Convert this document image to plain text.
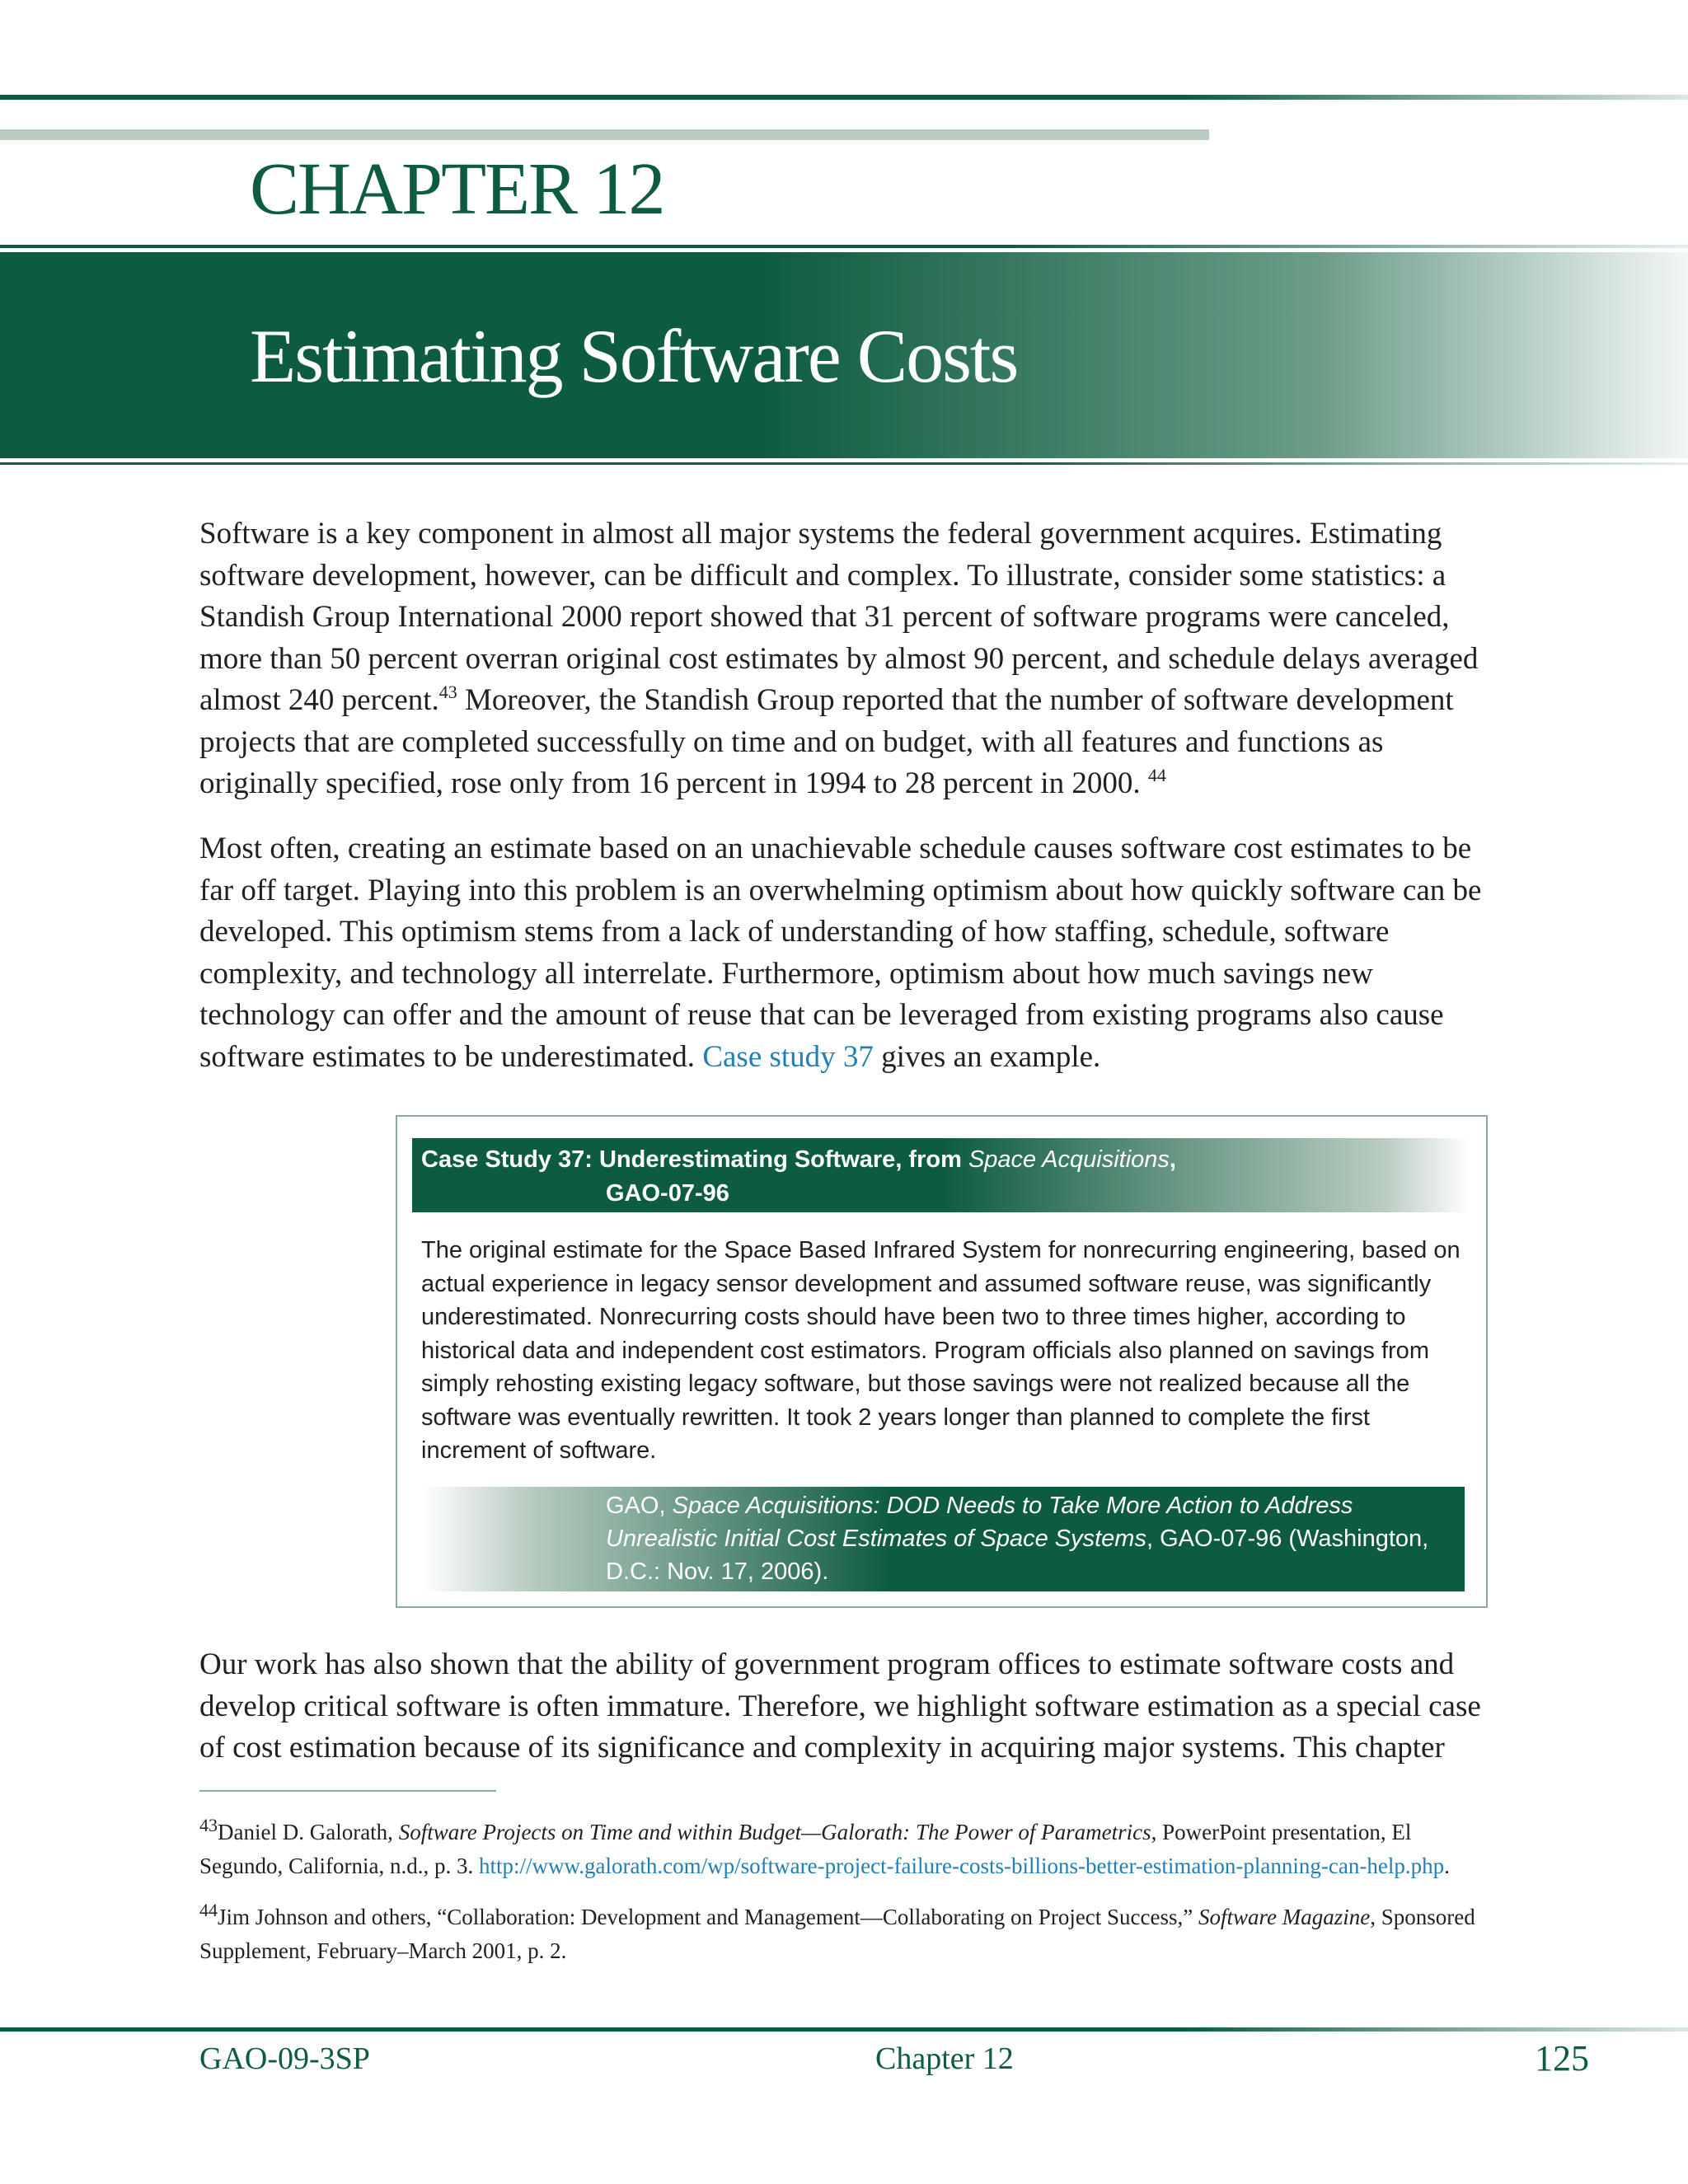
CHAPTER 12
Estimating Software Costs

Software is a key component in almost all major systems the federal government acquires. Estimating software development, however, can be difficult and complex. To illustrate, consider some statistics: a Standish Group International 2000 report showed that 31 percent of software programs were canceled, more than 50 percent overran original cost estimates by almost 90 percent, and schedule delays averaged almost 240 percent.$^{43}$ Moreover, the Standish Group reported that the number of software development projects that are completed successfully on time and on budget, with all features and functions as originally specified, rose only from 16 percent in 1994 to 28 percent in 2000. $^{44}$

Most often, creating an estimate based on an unachievable schedule causes software cost estimates to be far off target. Playing into this problem is an overwhelming optimism about how quickly software can be developed. This optimism stems from a lack of understanding of how staffing, schedule, software complexity, and technology all interrelate. Furthermore, optimism about how much savings new technology can offer and the amount of reuse that can be leveraged from existing programs also cause software estimates to be underestimated. Case study 37 gives an example.

Case Study 37: Underestimating Software, from Space Acquisitions,
GAO-07-96

The original estimate for the Space Based Infrared System for nonrecurring engineering, based on actual experience in legacy sensor development and assumed software reuse, was significantly underestimated. Nonrecurring costs should have been two to three times higher, according to historical data and independent cost estimators. Program officials also planned on savings from simply rehosting existing legacy software, but those savings were not realized because all the software was eventually rewritten. It took 2 years longer than planned to complete the first increment of software.

GAO, Space Acquisitions: DOD Needs to Take More Action to Address Unrealistic Initial Cost Estimates of Space Systems, GAO-07-96 (Washington, D.C.: Nov. 17, 2006).

Our work has also shown that the ability of government program offices to estimate software costs and develop critical software is often immature. Therefore, we highlight software estimation as a special case of cost estimation because of its significance and complexity in acquiring major systems. This chapter

$^{43}$Daniel D. Galorath, Software Projects on Time and within Budget—Galorath: The Power of Parametrics, PowerPoint presentation, El Segundo, California, n.d., p. 3. http://www.galorath.com/wp/software-project-failure-costs-billions-better-estimation-planning-can-help.php.

$^{44}$Jim Johnson and others, “Collaboration: Development and Management—Collaborating on Project Success,” Software Magazine, Sponsored Supplement, February–March 2001, p. 2.

GAO-09-3SP	Chapter 12	125
